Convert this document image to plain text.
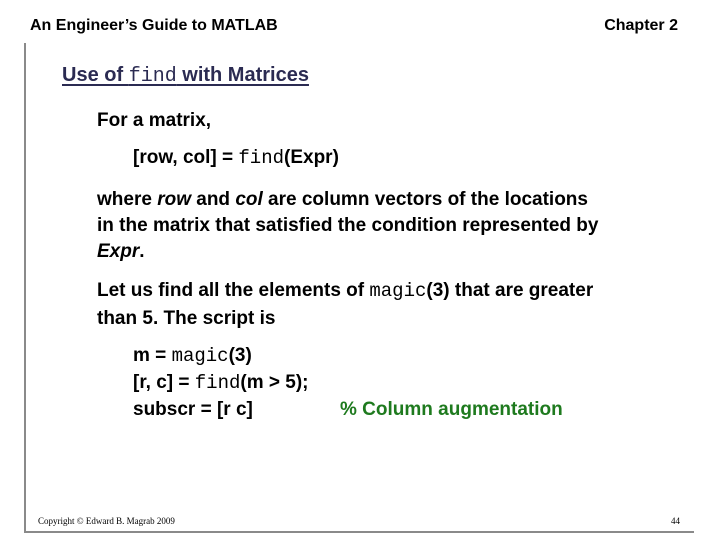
An Engineer’s Guide to MATLAB	Chapter 2
Use of find with Matrices
For a matrix,
[row, col] = find(Expr)
where row and col are column vectors of the locations
in the matrix that satisfied the condition represented by
Expr.
Let us find all the elements of magic(3) that are greater
than 5. The script is
m = magic(3)
[r, c] = find(m > 5);
subscr = [r c]	% Column augmentation
Copyright © Edward B. Magrab 2009	44
